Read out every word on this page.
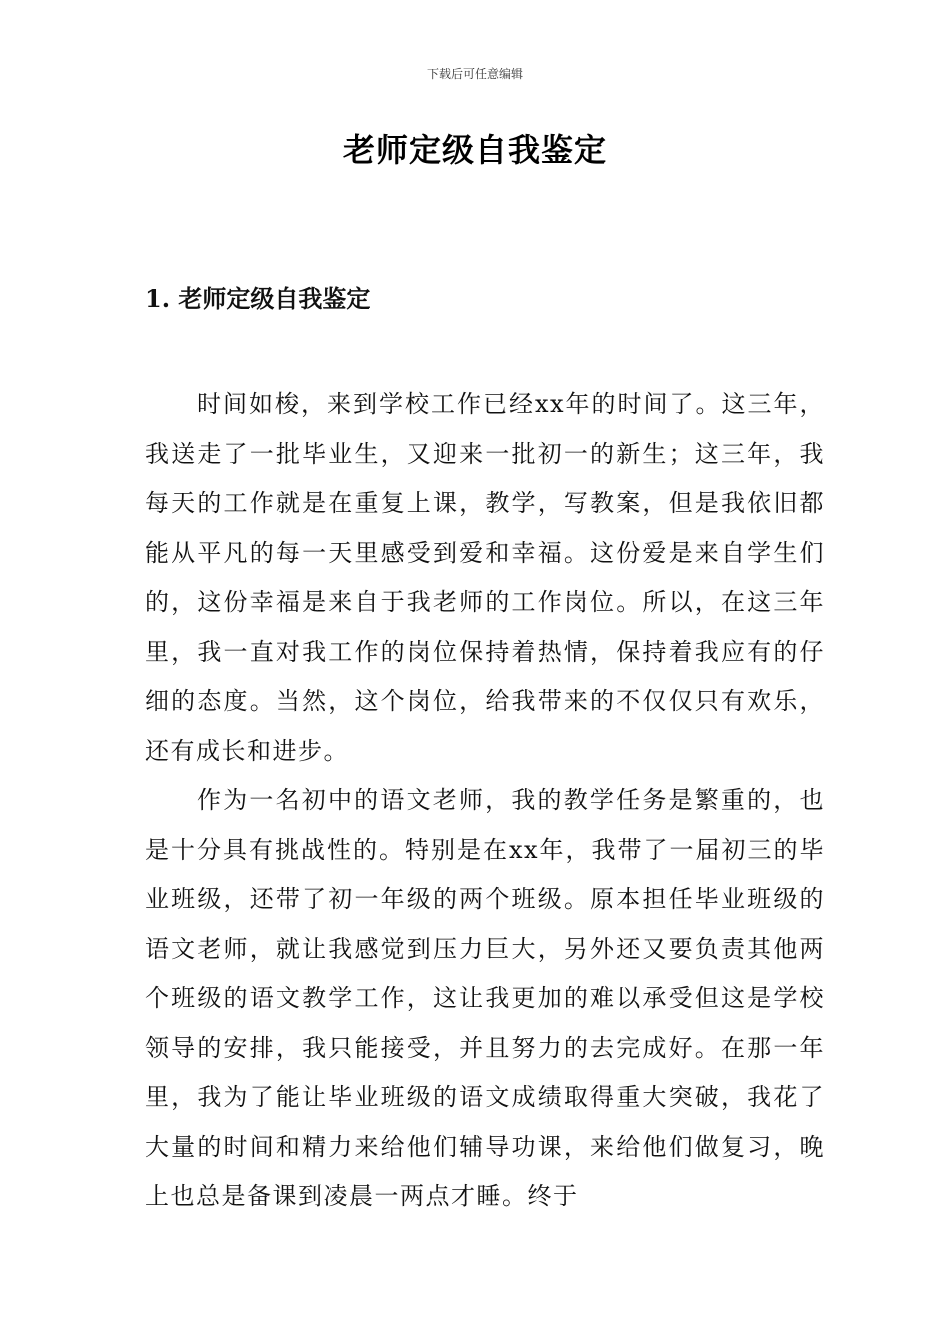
下载后可任意编辑
老师定级自我鉴定
1. 老师定级自我鉴定

时间如梭，来到学校工作已经xx年的时间了。这三年，我送走了一批毕业生，又迎来一批初一的新生；这三年，我每天的工作就是在重复上课，教学，写教案，但是我依旧都能从平凡的每一天里感受到爱和幸福。这份爱是来自学生们的，这份幸福是来自于我老师的工作岗位。所以，在这三年里，我一直对我工作的岗位保持着热情，保持着我应有的仔细的态度。当然，这个岗位，给我带来的不仅仅只有欢乐，还有成长和进步。

作为一名初中的语文老师，我的教学任务是繁重的，也是十分具有挑战性的。特别是在xx年，我带了一届初三的毕业班级，还带了初一年级的两个班级。原本担任毕业班级的语文老师，就让我感觉到压力巨大，另外还又要负责其他两个班级的语文教学工作，这让我更加的难以承受但这是学校领导的安排，我只能接受，并且努力的去完成好。在那一年里，我为了能让毕业班级的语文成绩取得重大突破，我花了大量的时间和精力来给他们辅导功课，来给他们做复习，晚上也总是备课到凌晨一两点才睡。终于
